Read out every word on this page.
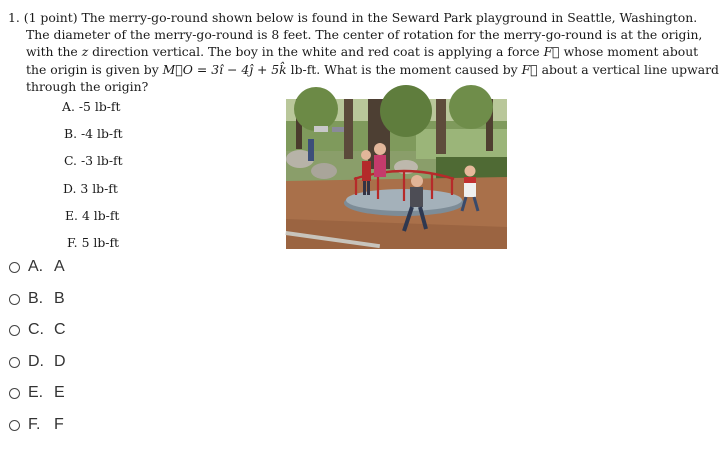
1. (1 point) The merry-go-round shown below is found in the Seward Park playground in Seattle, Washington.
The diameter of the merry-go-round is 8 feet. The center of rotation for the merry-go-round is at the origin,
with the z direction vertical. The boy in the white and red coat is applying a force F⃗ whose moment about
the origin is given by M⃗O = 3î − 4ĵ + 5k̂ lb-ft. What is the moment caused by F⃗ about a vertical line upward
through the origin?
A. -5 lb-ft
B. -4 lb-ft
C. -3 lb-ft
D. 3 lb-ft
E. 4 lb-ft
F. 5 lb-ft
A. A
B. B
C. C
D. D
E. E
F. F
